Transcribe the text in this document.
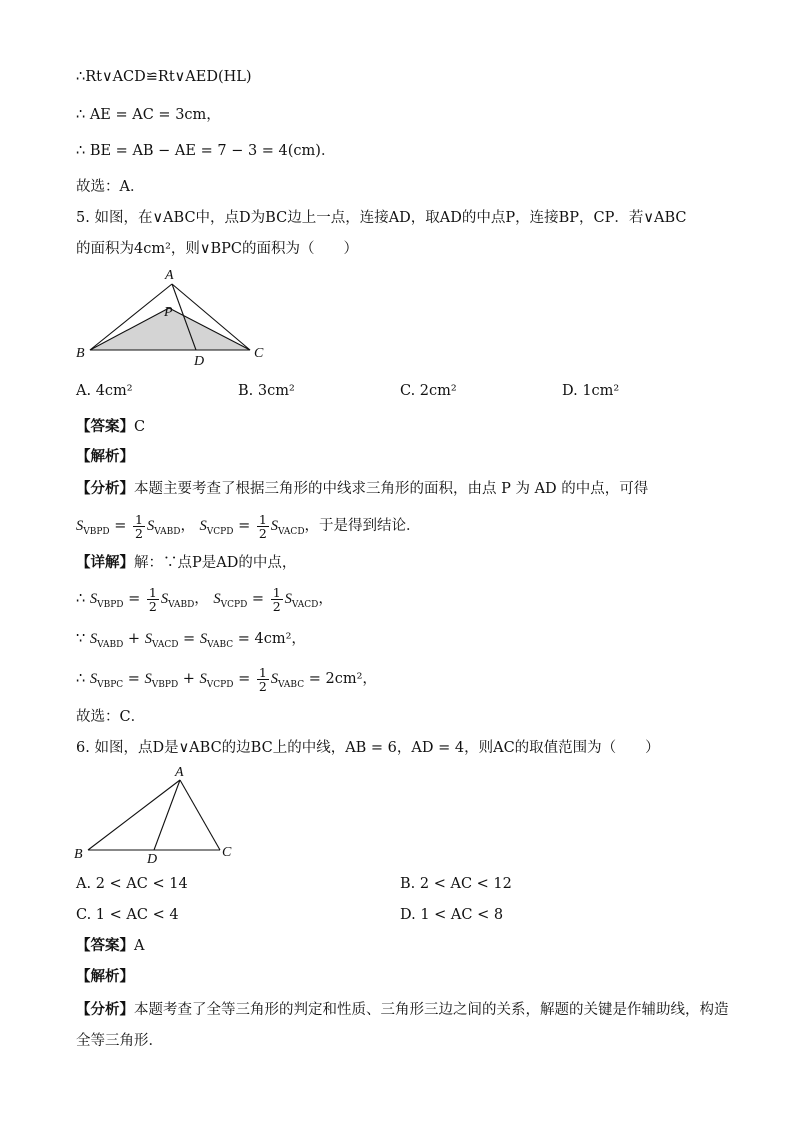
∴Rt∨ACD≌Rt∨AED(HL)
∴ AE = AC = 3cm，
∴ BE = AB − AE = 7 − 3 = 4(cm)．
故选：A．
5. 如图，在∨ABC中，点D为BC边上一点，连接AD，取AD的中点P，连接BP，CP．若∨ABC
的面积为4cm²，则∨BPC的面积为（　　）
A
B	C
D
P
A. 4cm²	B. 3cm²	C. 2cm²	D. 1cm²
【答案】C
【解析】
【分析】本题主要考查了根据三角形的中线求三角形的面积，由点 P 为 AD 的中点，可得
$S_{VBPD} = \frac{1}{2} S_{VABD}$， $S_{VCPD} = \frac{1}{2} S_{VACD}$，于是得到结论．
【详解】解：∵点P是AD的中点，
∴ $S_{VBPD} = \frac{1}{2} S_{VABD}$， $S_{VCPD} = \frac{1}{2} S_{VACD}$，
∵ $S_{VABD} + S_{VACD} = S_{VABC} = 4cm^2$，
∴ $S_{VBPC} = S_{VBPD} + S_{VCPD} = \frac{1}{2} S_{VABC} = 2cm^2$，
故选：C．
6. 如图，点D是∨ABC的边BC上的中线，AB = 6，AD = 4，则AC的取值范围为（　　）
A
B	C
D
A. 2 < AC < 14	B. 2 < AC < 12
C. 1 < AC < 4	D. 1 < AC < 8
【答案】A
【解析】
【分析】本题考查了全等三角形的判定和性质、三角形三边之间的关系，解题的关键是作辅助线，构造
全等三角形．
